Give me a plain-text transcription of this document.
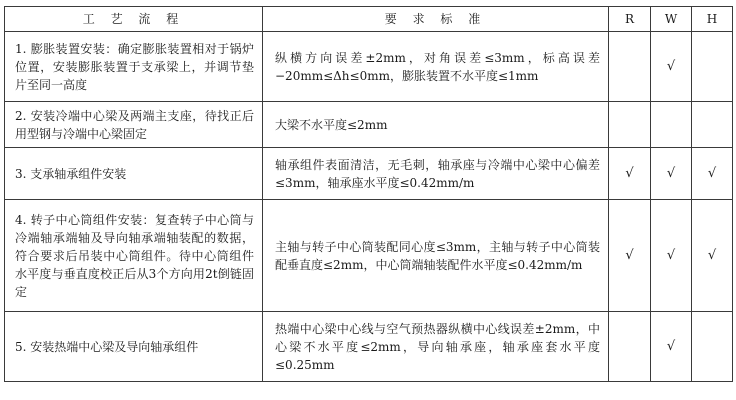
工 艺 流 程	要 求 标 准	R	W	H

1. 膨胀装置安装：确定膨胀装置相对于锅炉位置，安装膨胀装置于支承梁上，并调节垫片至同一高度	纵横方向误差±2mm，对角误差≤3mm，标高误差−20mm≤Δh≤0mm，膨胀装置不水平度≤1mm		√	

2. 安装冷端中心梁及两端主支座，待找正后用型钢与冷端中心梁固定	大梁不水平度≤2mm			

3. 支承轴承组件安装	轴承组件表面清洁，无毛刺，轴承座与冷端中心梁中心偏差≤3mm，轴承座水平度≤0.42mm/m	√	√	√

4. 转子中心筒组件安装：复查转子中心筒与冷端轴承端轴及导向轴承端轴装配的数据，符合要求后吊装中心筒组件。待中心筒组件水平度与垂直度校正后从3个方向用2t倒链固定	主轴与转子中心筒装配同心度≤3mm，主轴与转子中心筒装配垂直度≤2mm，中心筒端轴装配件水平度≤0.42mm/m	√	√	√

5. 安装热端中心梁及导向轴承组件	热端中心梁中心线与空气预热器纵横中心线误差±2mm，中心梁不水平度≤2mm，导向轴承座，轴承座套水平度≤0.25mm		√	
